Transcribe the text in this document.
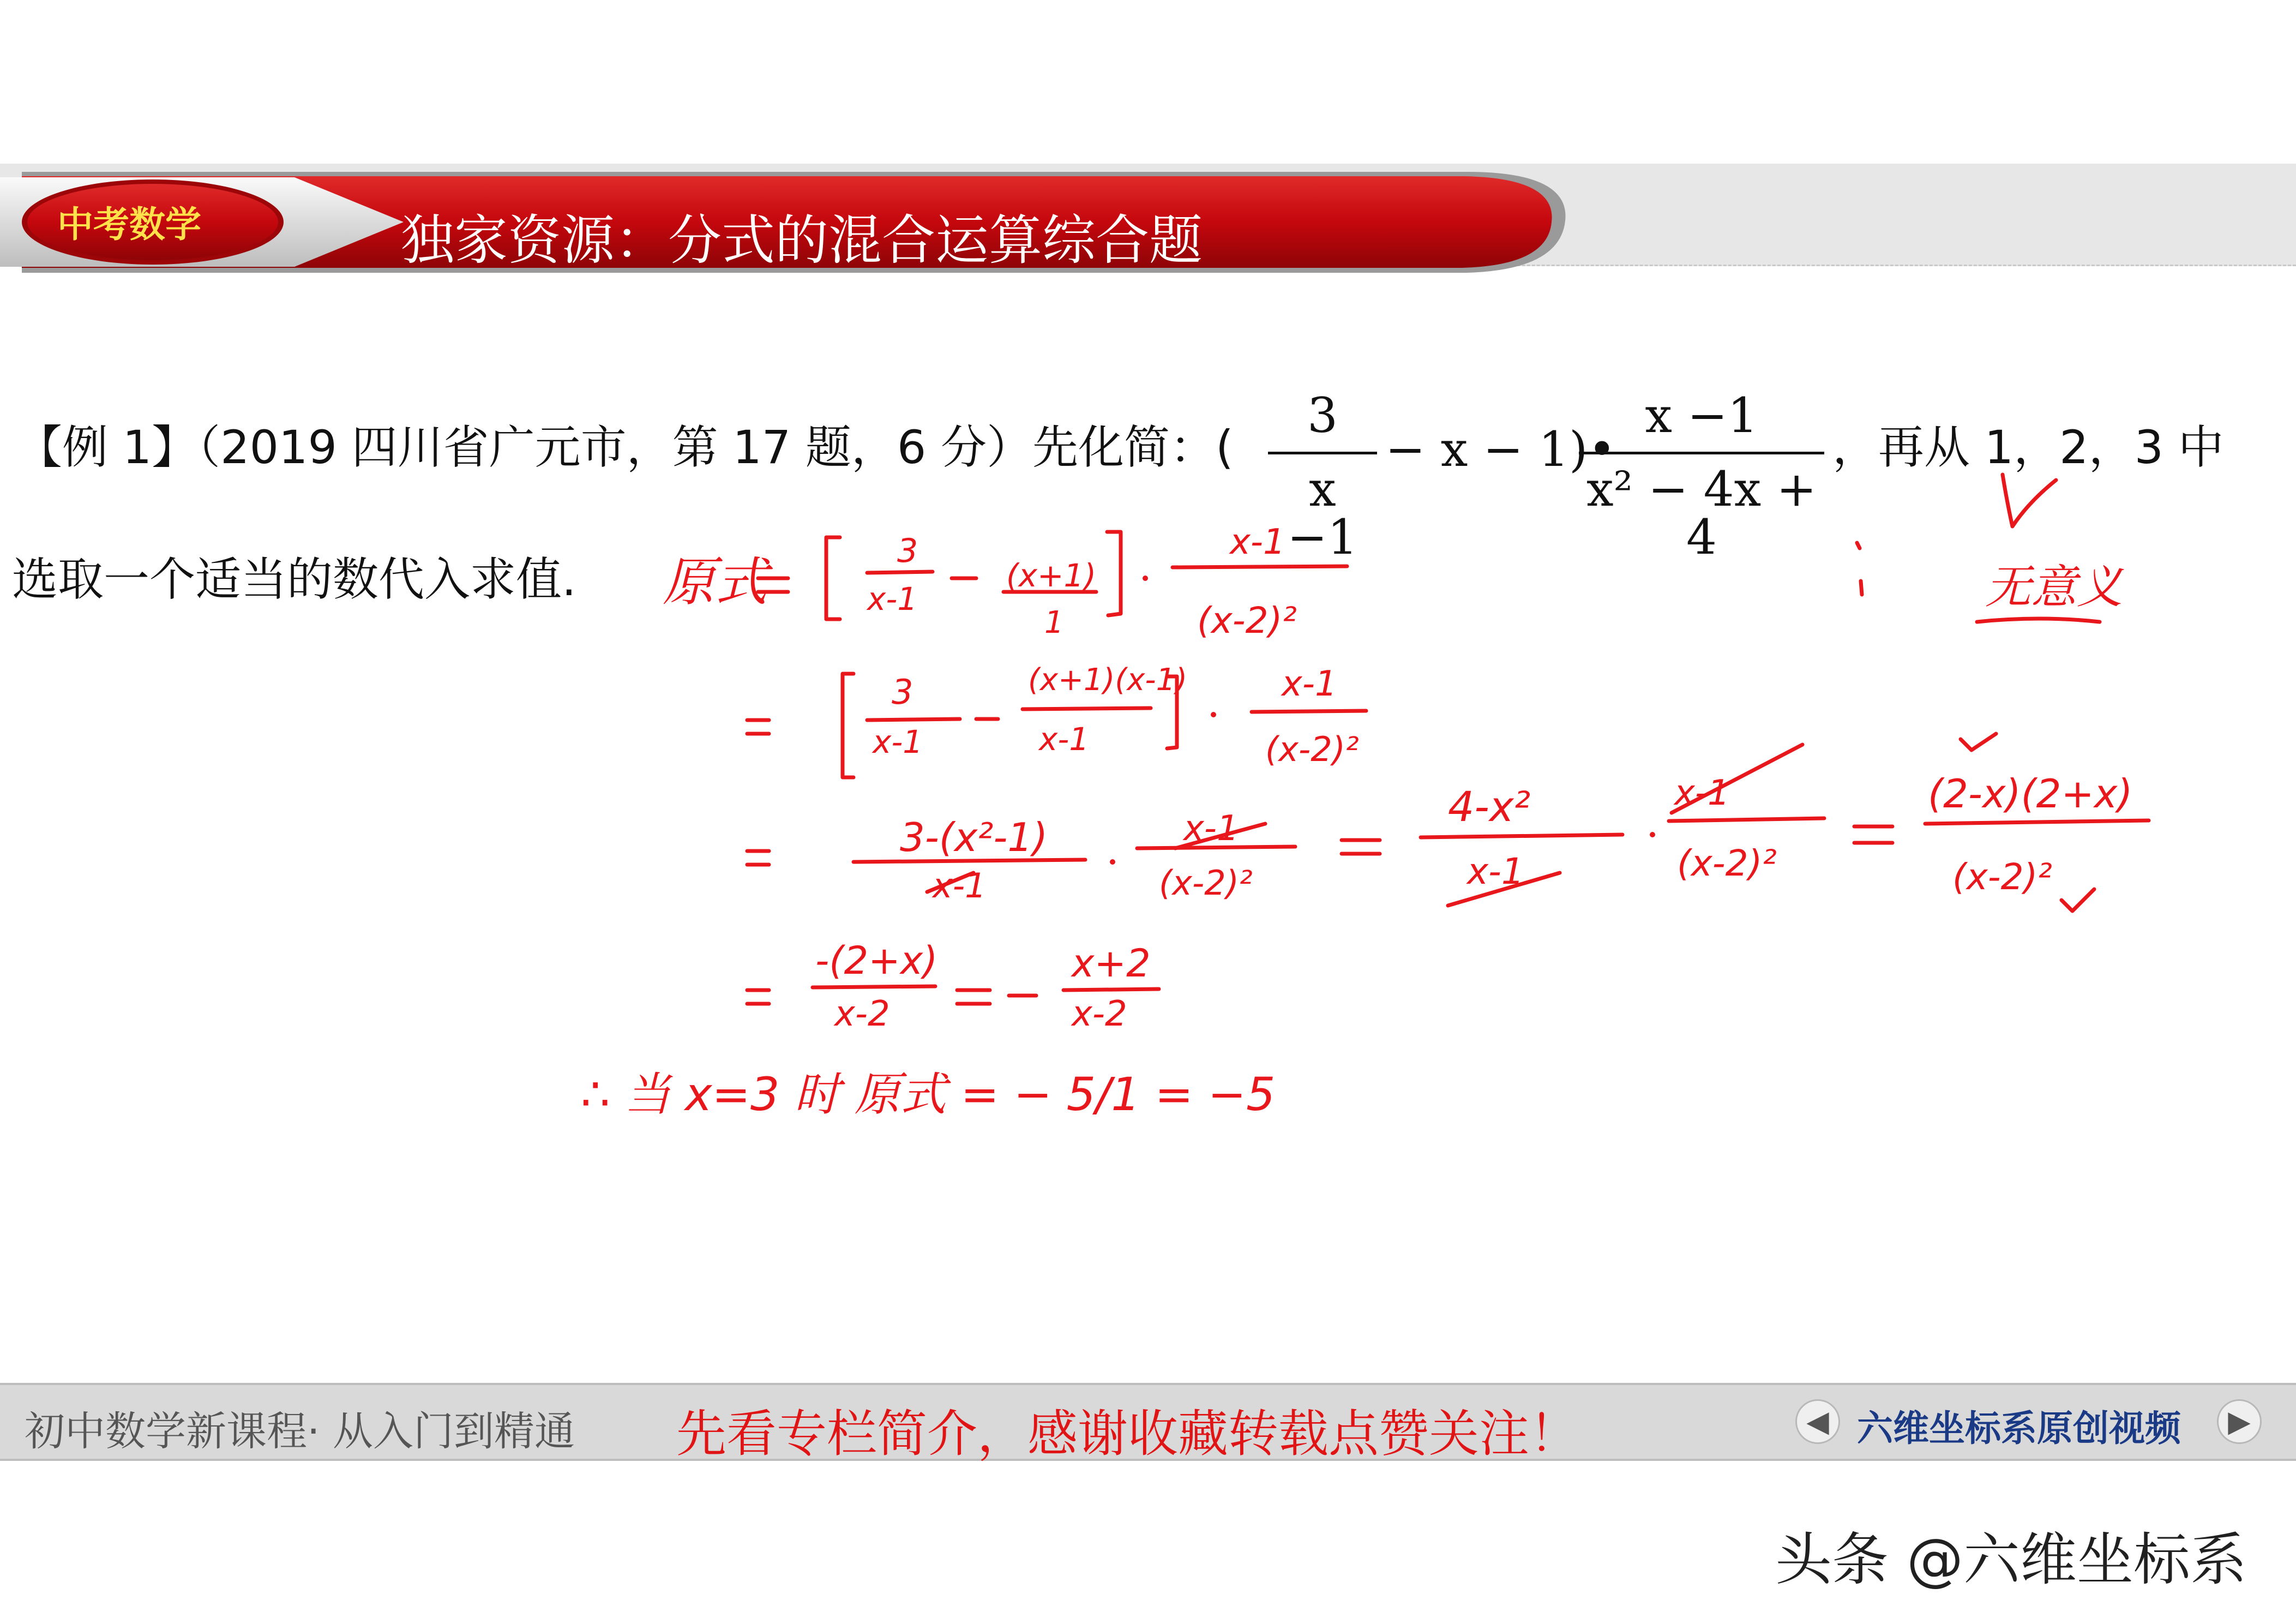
中考数学	独家资源：分式的混合运算综合题
【例 1】（2019 四川省广元市，第 17 题，6 分）先化简：( $\frac{3}{x -1} - x$ − 1)•
$\frac{x -1}{\text{x² − 4x + 4}}$ ，再从 1，2，3 中
选取一个适当的数代入求值.	无意义
原式
3
x-1
(x+1)
1
x-1
(x-2)²
3
x-1
(x+1)(x-1)
x-1
x-1
(x-2)²
3-(x²-1)
x-1
x-1
(x-2)²
4-x²
x-1
x-1
(x-2)²
(2-x)(2+x)
(x-2)²
-(2+x)
x-2
x+2
x-2
∴ 当 x=3 时 原式 = − 5/1 = −5
初中数学新课程· 从入门到精通 先看专栏简介，感谢收藏转载点赞关注！	◀ 六维坐标系原创视频	▶
头条 @六维坐标系
